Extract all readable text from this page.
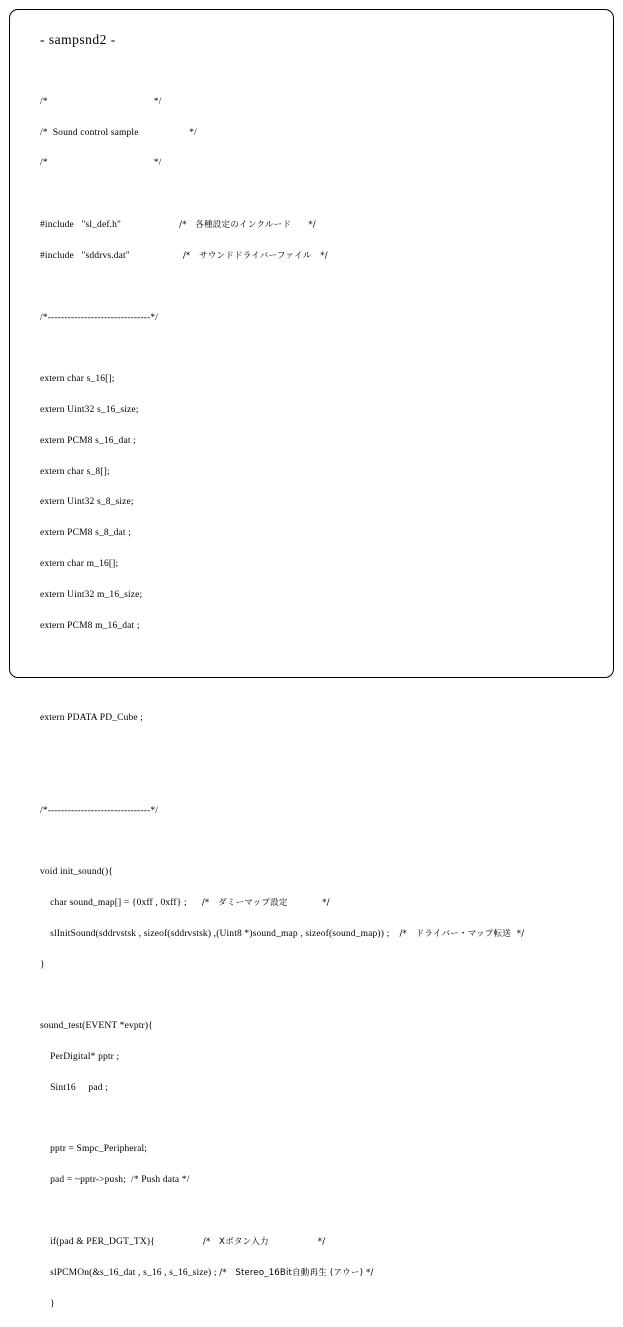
- sampsnd2 -

/*	*/

/*  Sound control sample	*/

/*	*/

#include   "sl_def.h"	/*   各種設定のインクルード      */

#include   "sddrvs.dat"	/*   サウンドドライバーファイル   */

/*-------------------------------*/

extern char s_16[];

extern Uint32 s_16_size;

extern PCM8 s_16_dat ;

extern char s_8[];

extern Uint32 s_8_size;

extern PCM8 s_8_dat ;

extern char m_16[];

extern Uint32 m_16_size;

extern PCM8 m_16_dat ;

extern PDATA PD_Cube ;

/*-------------------------------*/

void init_sound(){

char sound_map[] = {0xff , 0xff} ; /*   ダミーマップ設定            */

slInitSound(sddrvstsk , sizeof(sddrvstsk) ,(Uint8 *)sound_map , sizeof(sound_map)) ; /*   ドライバー・マップ転送  */

}

sound_test(EVENT *evptr){

PerDigital* pptr ;

Sint16     pad ;

pptr = Smpc_Peripheral;

pad = ~pptr->push;  /* Push data */

if(pad & PER_DGT_TX){	/*   Xボタン入力                 */

slPCMOn(&s_16_dat , s_16 , s_16_size) ; /*   Stereo_16Bit自動再生 (アウー) */

}
